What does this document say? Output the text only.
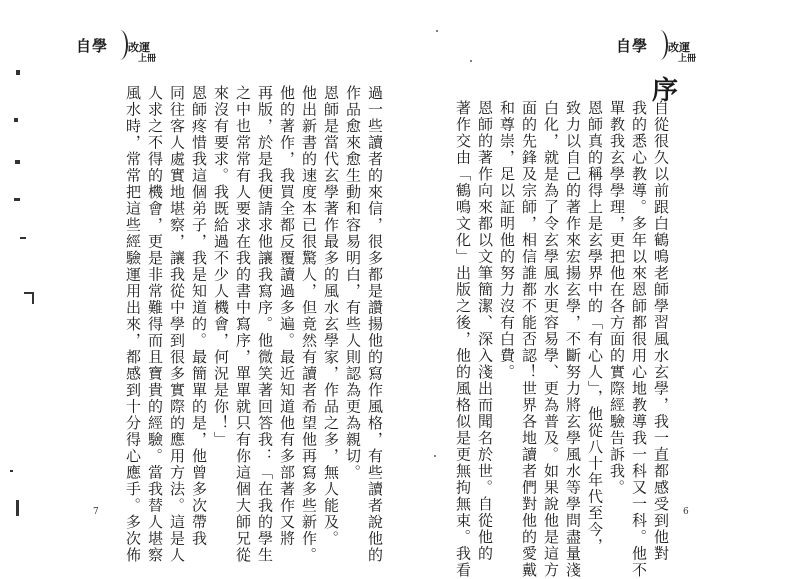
自學 改運
上冊
自學 改運
上冊
序
自從很久以前跟白鶴鳴老師學習風水玄學，我一直都感受到他對
我的悉心教導。多年以來恩師都很用心地教導我一科又一科。他不
單教我玄學學理，更把他在各方面的實際經驗告訴我。
恩師真的稱得上是玄學界中的「有心人」，他從八十年代至今，
致力以自己的著作來宏揚玄學，不斷努力將玄學風水等學問盡量淺
白化，就是為了令玄學風水更容易學、更為普及。如果說他是這方
面的先鋒及宗師，相信誰都不能否認！世界各地讀者們對他的愛戴
和尊崇，足以証明他的努力沒有白費。
恩師的著作向來都以文筆簡潔、深入淺出而聞名於世。自從他的
著作交由「鶴鳴文化」出版之後，他的風格似是更無拘無束。我看
過一些讀者的來信，很多都是讚揚他的寫作風格，有些讀者說他的
作品愈來愈生動和容易明白，有些人則認為更為親切。
恩師是當代玄學著作最多的風水玄學家，作品之多，無人能及。
他出新書的速度本已很驚人，但竟然有讀者希望他再寫多些新作。
他的著作，我買全都反覆讀過多遍。最近知道他有多部著作又將
再版，於是我便請求他讓我寫序。他微笑著回答我：「在我的學生
之中也常常有人要求在我的書中寫序，單單就只有你這個大師兄從
來沒有要求。我既給過不少人機會，何況是你！」
恩師疼惜我這個弟子，我是知道的。最簡單的是，他曾多次帶我
同往客人處實地堪察，讓我從中學到很多實際的應用方法。這是人
人求之不得的機會，更是非常難得而且寶貴的經驗。當我替人堪察
風水時，常常把這些經驗運用出來，都感到十分得心應手。多次佈
7	6
